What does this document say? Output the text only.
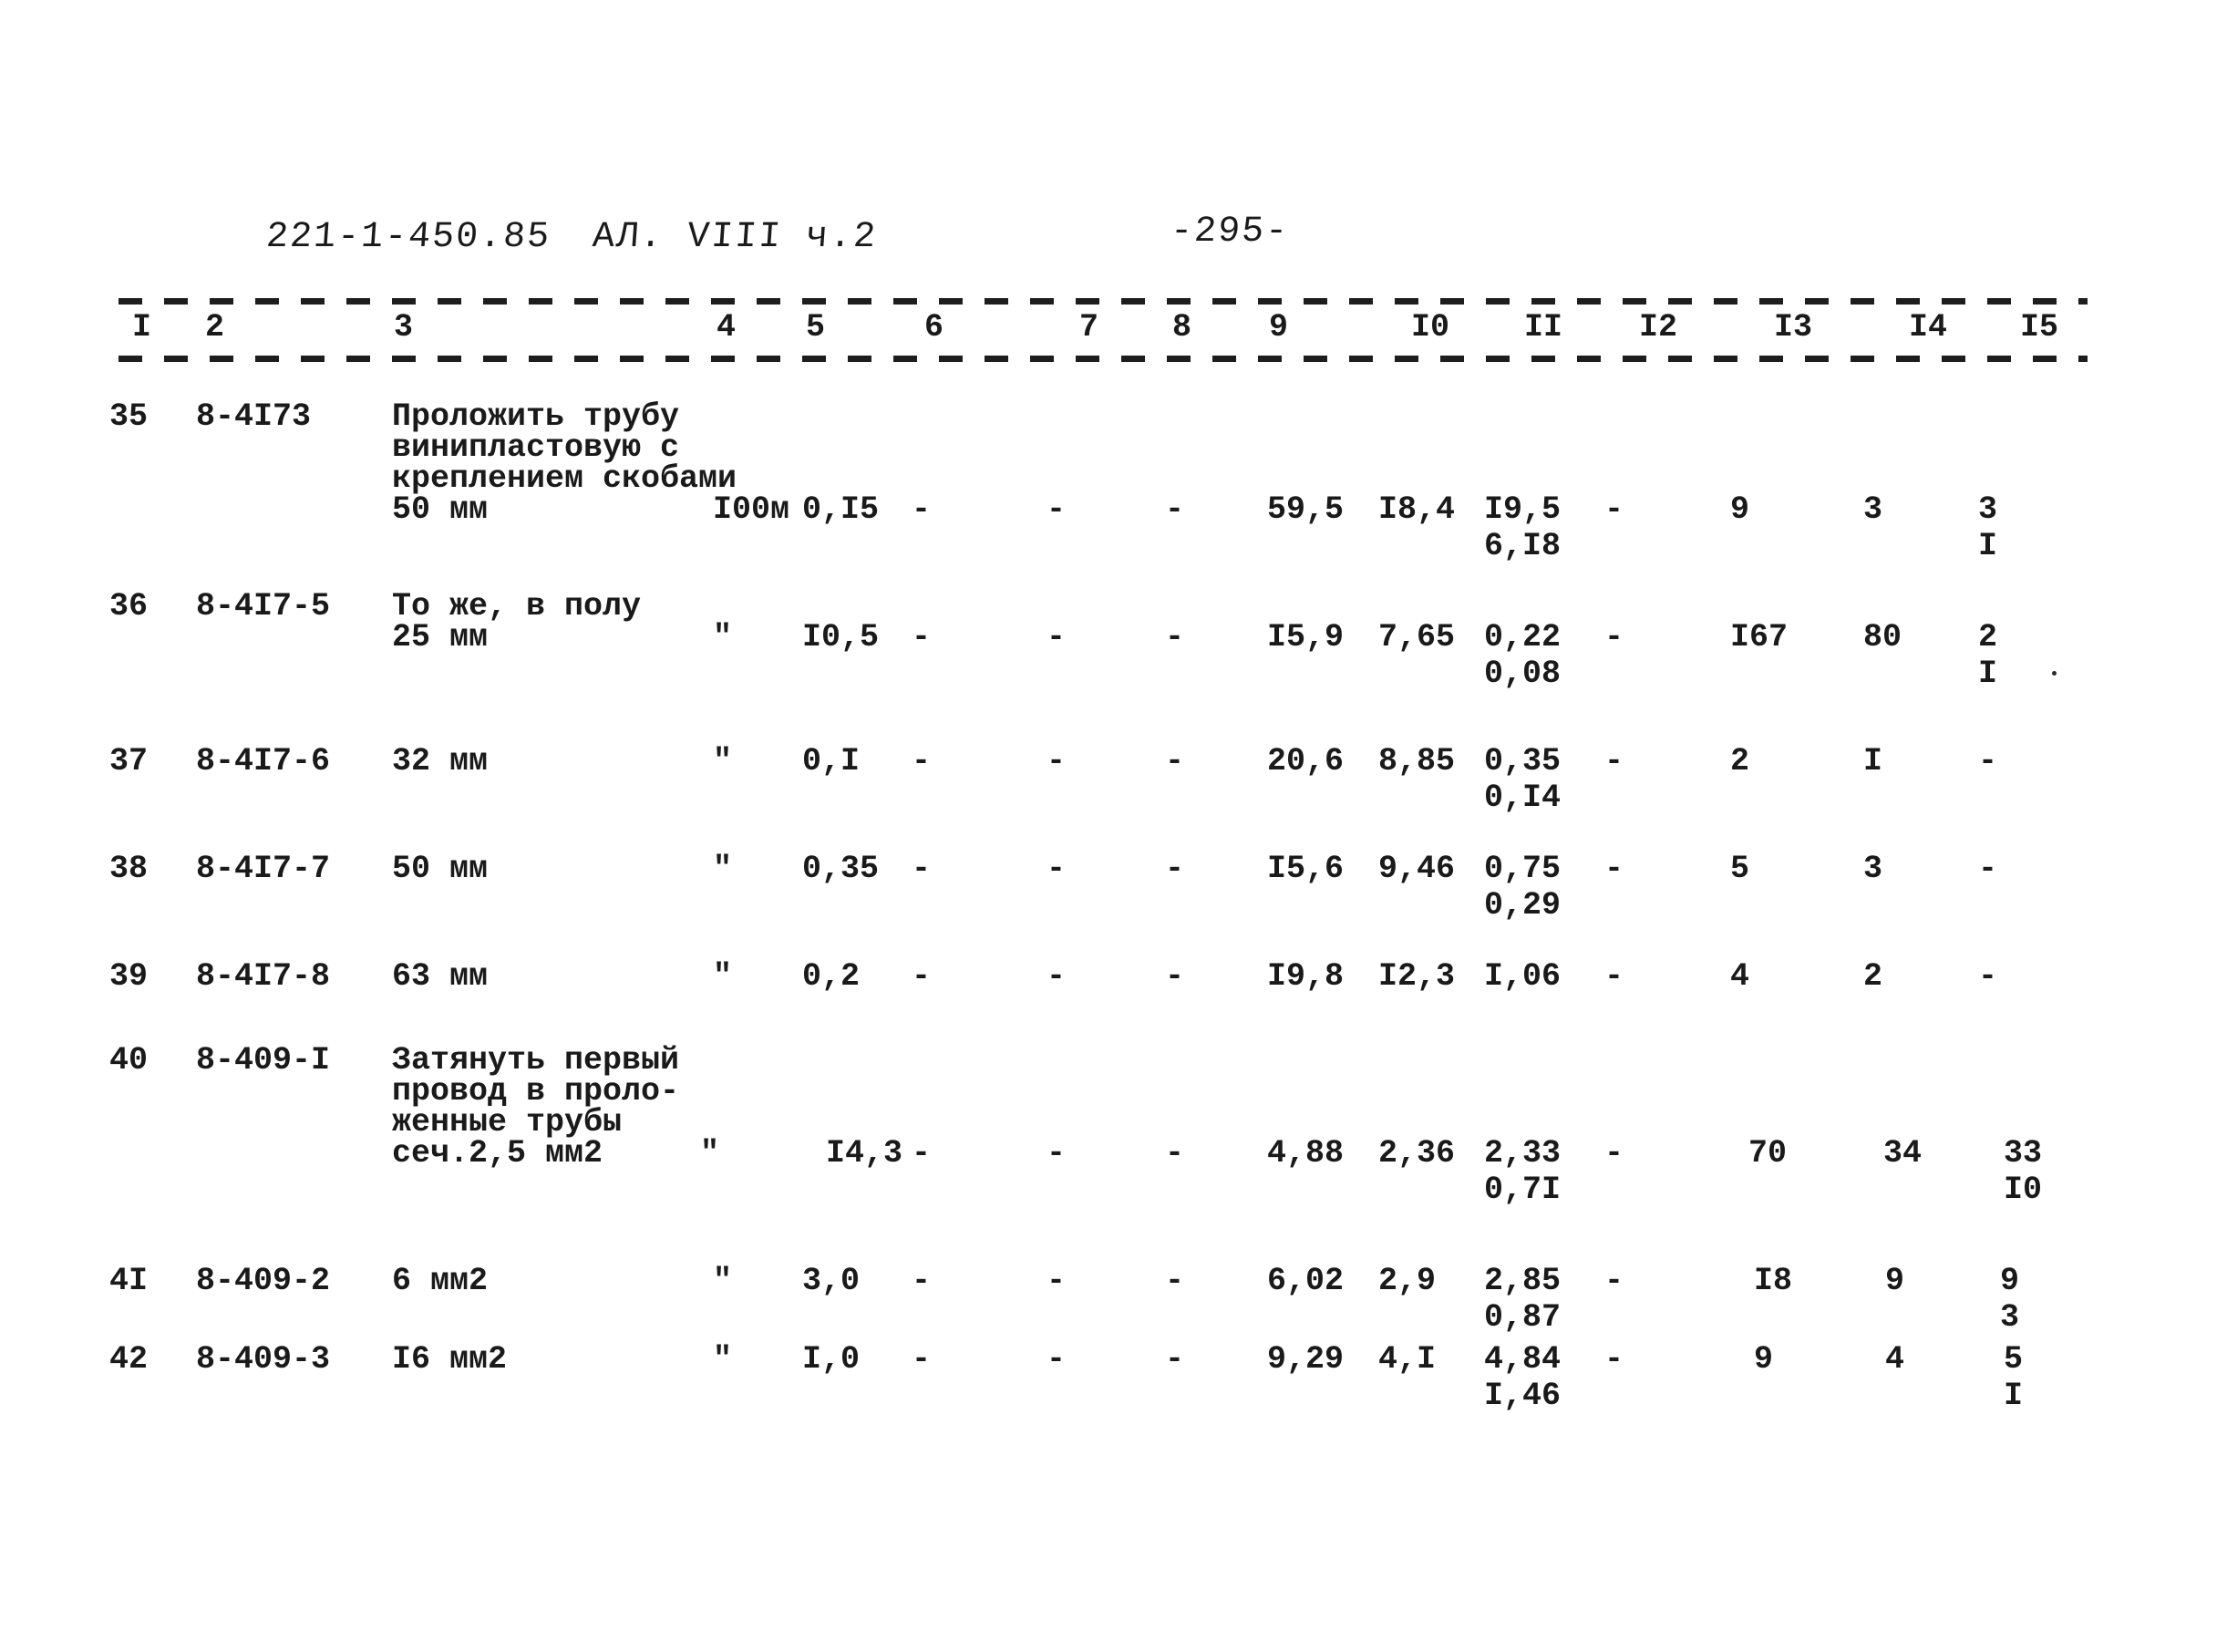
221-1-450.85 АЛ. VIII ч.2	-295-
I 2	3	4 5	6	7 8 9	I0 II I2	I3	I4 I5
35 8-4I73	Проложить трубу
винипластовую с
креплением скобами
50 мм	I00м 0,I5 -	-	-	59,5 I8,4 I9,5 -	9	3	3
6,I8	I
36 8-4I7-5 То же, в полу
25 мм	" I0,5 -	-	-	I5,9 7,65 0,22 -	I67 80 2
0,08	I
37 8-4I7-6 32 мм	" 0,I -	-	-	20,6 8,85 0,35 -	2	I	-
0,I4
38 8-4I7-7 50 мм	" 0,35 -	-	-	I5,6 9,46 0,75 -	5	3	-
0,29
39 8-4I7-8 63 мм	" 0,2 -	-	-	I9,8 I2,3 I,06 -	4	2	-
40 8-409-I Затянуть первый
провод в проло-
женные трубы
сеч.2,5 мм2	"	I4,3 -	-	-	4,88 2,36 2,33 -	70	34	33
0,7I	I0
4I 8-409-2 6 мм2	" 3,0 -	-	-	6,02 2,9 2,85 -	I8	9	9
0,87	3
42 8-409-3 I6 мм2	" I,0 -	-	-	9,29 4,I 4,84 -	9	4	5
I,46	I
